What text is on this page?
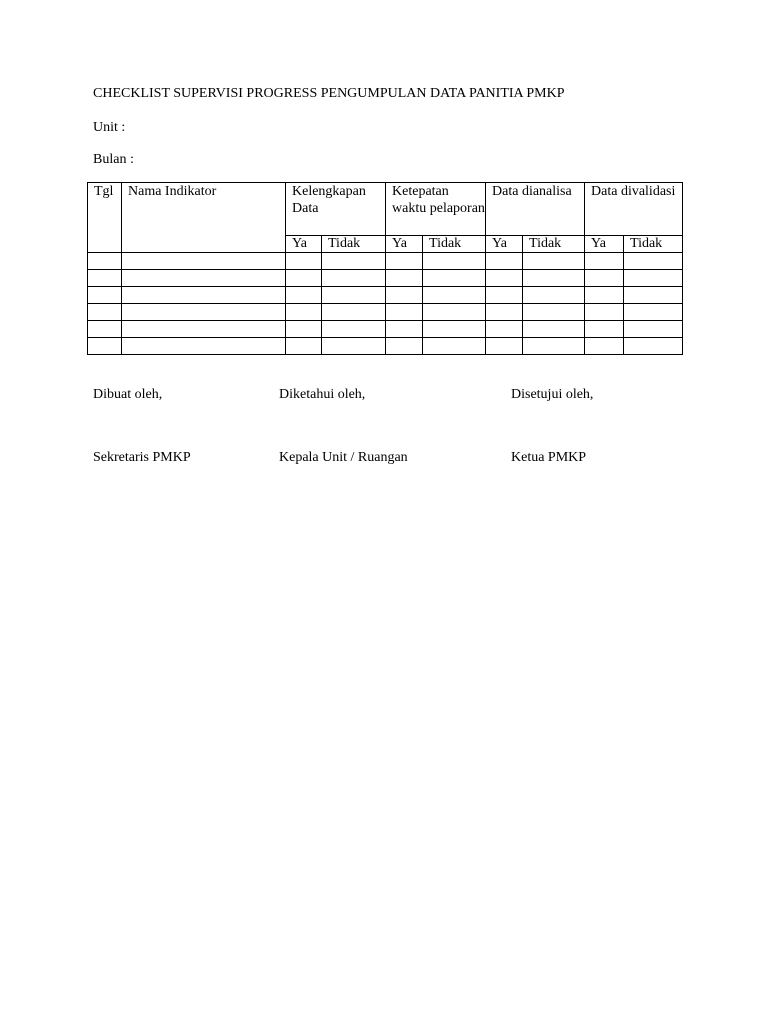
CHECKLIST SUPERVISI PROGRESS PENGUMPULAN DATA PANITIA PMKP
Unit :
Bulan :
Tgl	Nama Indikator	Kelengkapan Data		Ketepatan waktu pelaporan		Data dianalisa		Data divalidasi	
		Ya	Tidak	Ya	Tidak	Ya	Tidak	Ya	Tidak

Dibuat oleh,	Diketahui oleh,	Disetujui oleh,
Sekretaris PMKP	Kepala Unit / Ruangan	Ketua PMKP
